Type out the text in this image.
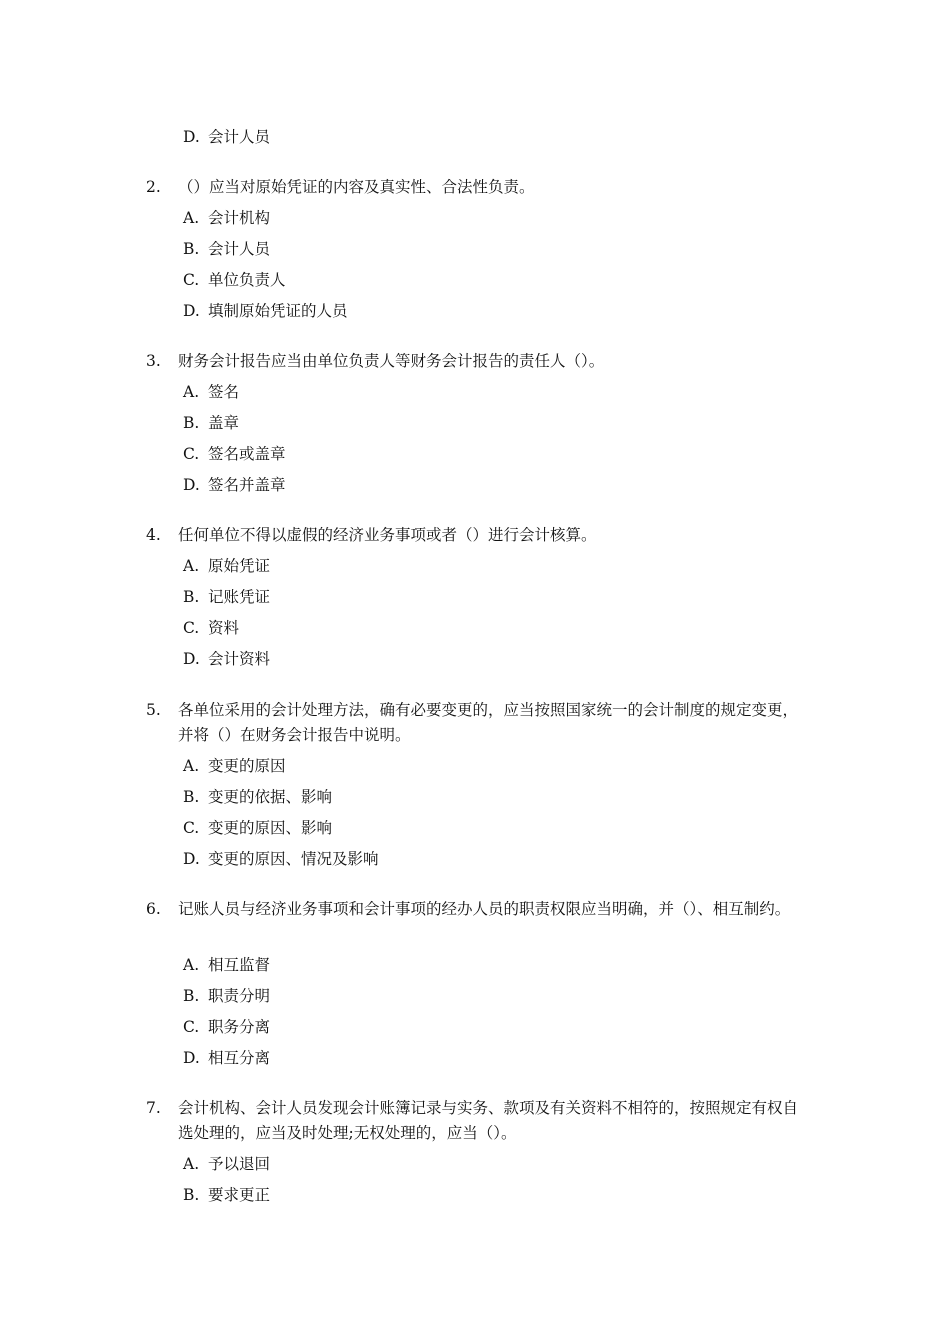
D. 会计人员
2.	（）应当对原始凭证的内容及真实性、合法性负责。
A. 会计机构
B. 会计人员
C. 单位负责人
D. 填制原始凭证的人员
3.	财务会计报告应当由单位负责人等财务会计报告的责任人（）。
A. 签名
B. 盖章
C. 签名或盖章
D. 签名并盖章
4.	任何单位不得以虚假的经济业务事项或者（）进行会计核算。
A. 原始凭证
B. 记账凭证
C. 资料
D. 会计资料
5.	各单位采用的会计处理方法，确有必要变更的，应当按照国家统一的会计制度的规定变更，并将（）在财务会计报告中说明。
A. 变更的原因
B. 变更的依据、影响
C. 变更的原因、影响
D. 变更的原因、情况及影响
6.	记账人员与经济业务事项和会计事项的经办人员的职责权限应当明确，并（）、相互制约。
A. 相互监督
B. 职责分明
C. 职务分离
D. 相互分离
7.	会计机构、会计人员发现会计账簿记录与实务、款项及有关资料不相符的，按照规定有权自选处理的，应当及时处理;无权处理的，应当（）。
A. 予以退回
B. 要求更正
